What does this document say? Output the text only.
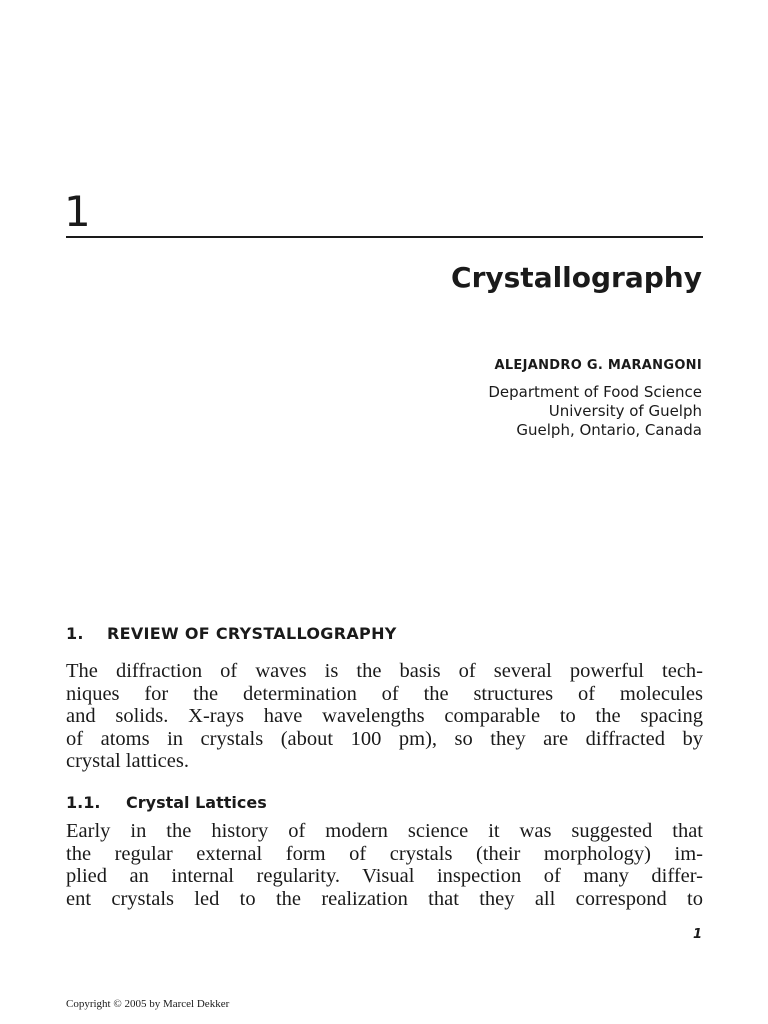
1
Crystallography
ALEJANDRO G. MARANGONI
Department of Food Science
University of Guelph
Guelph, Ontario, Canada
1. REVIEW OF CRYSTALLOGRAPHY
The diffraction of waves is the basis of several powerful tech-
niques for the determination of the structures of molecules
and solids. X-rays have wavelengths comparable to the spacing
of atoms in crystals (about 100 pm), so they are diffracted by
crystal lattices.
1.1. Crystal Lattices
Early in the history of modern science it was suggested that
the regular external form of crystals (their morphology) im-
plied an internal regularity. Visual inspection of many differ-
ent crystals led to the realization that they all correspond to
1
Copyright © 2005 by Marcel Dekker
